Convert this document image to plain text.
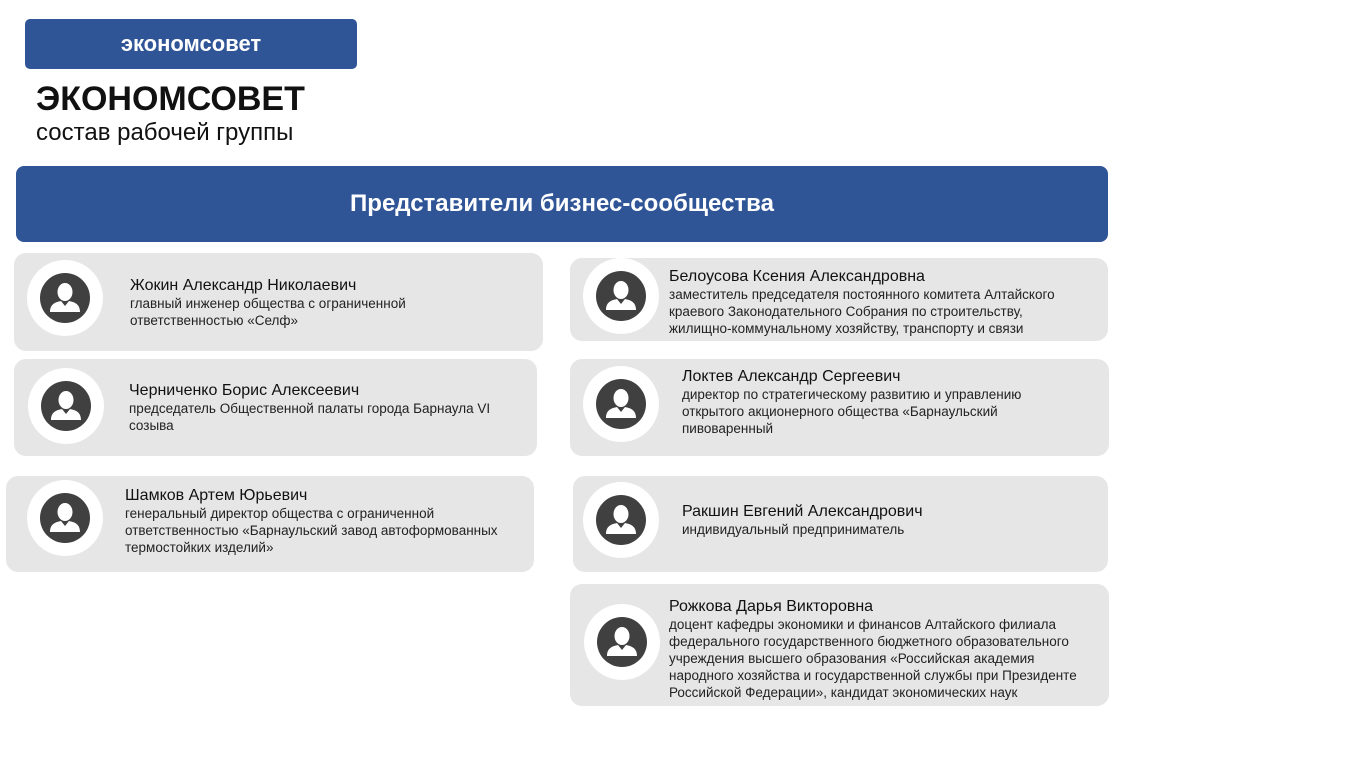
экономсовет
ЭКОНОМСОВЕТ
состав рабочей группы
Представители бизнес-сообщества
Жокин Александр Николаевич
главный инженер общества с ограниченной
ответственностью «Селф»
Черниченко Борис Алексеевич
председатель Общественной палаты города Барнаула VI
созыва
Шамков Артем Юрьевич
генеральный директор общества с ограниченной
ответственностью «Барнаульский завод автоформованных
термостойких изделий»
Белоусова Ксения Александровна
заместитель председателя постоянного комитета Алтайского
краевого Законодательного Собрания по строительству,
жилищно-коммунальному хозяйству, транспорту и связи
Локтев Александр Сергеевич
директор по стратегическому развитию и управлению
открытого акционерного общества «Барнаульский
пивоваренный
Ракшин Евгений Александрович
индивидуальный предприниматель
Рожкова Дарья Викторовна
доцент кафедры экономики и финансов Алтайского филиала
федерального государственного бюджетного образовательного
учреждения высшего образования «Российская академия
народного хозяйства и государственной службы при Президенте
Российской Федерации», кандидат экономических наук
